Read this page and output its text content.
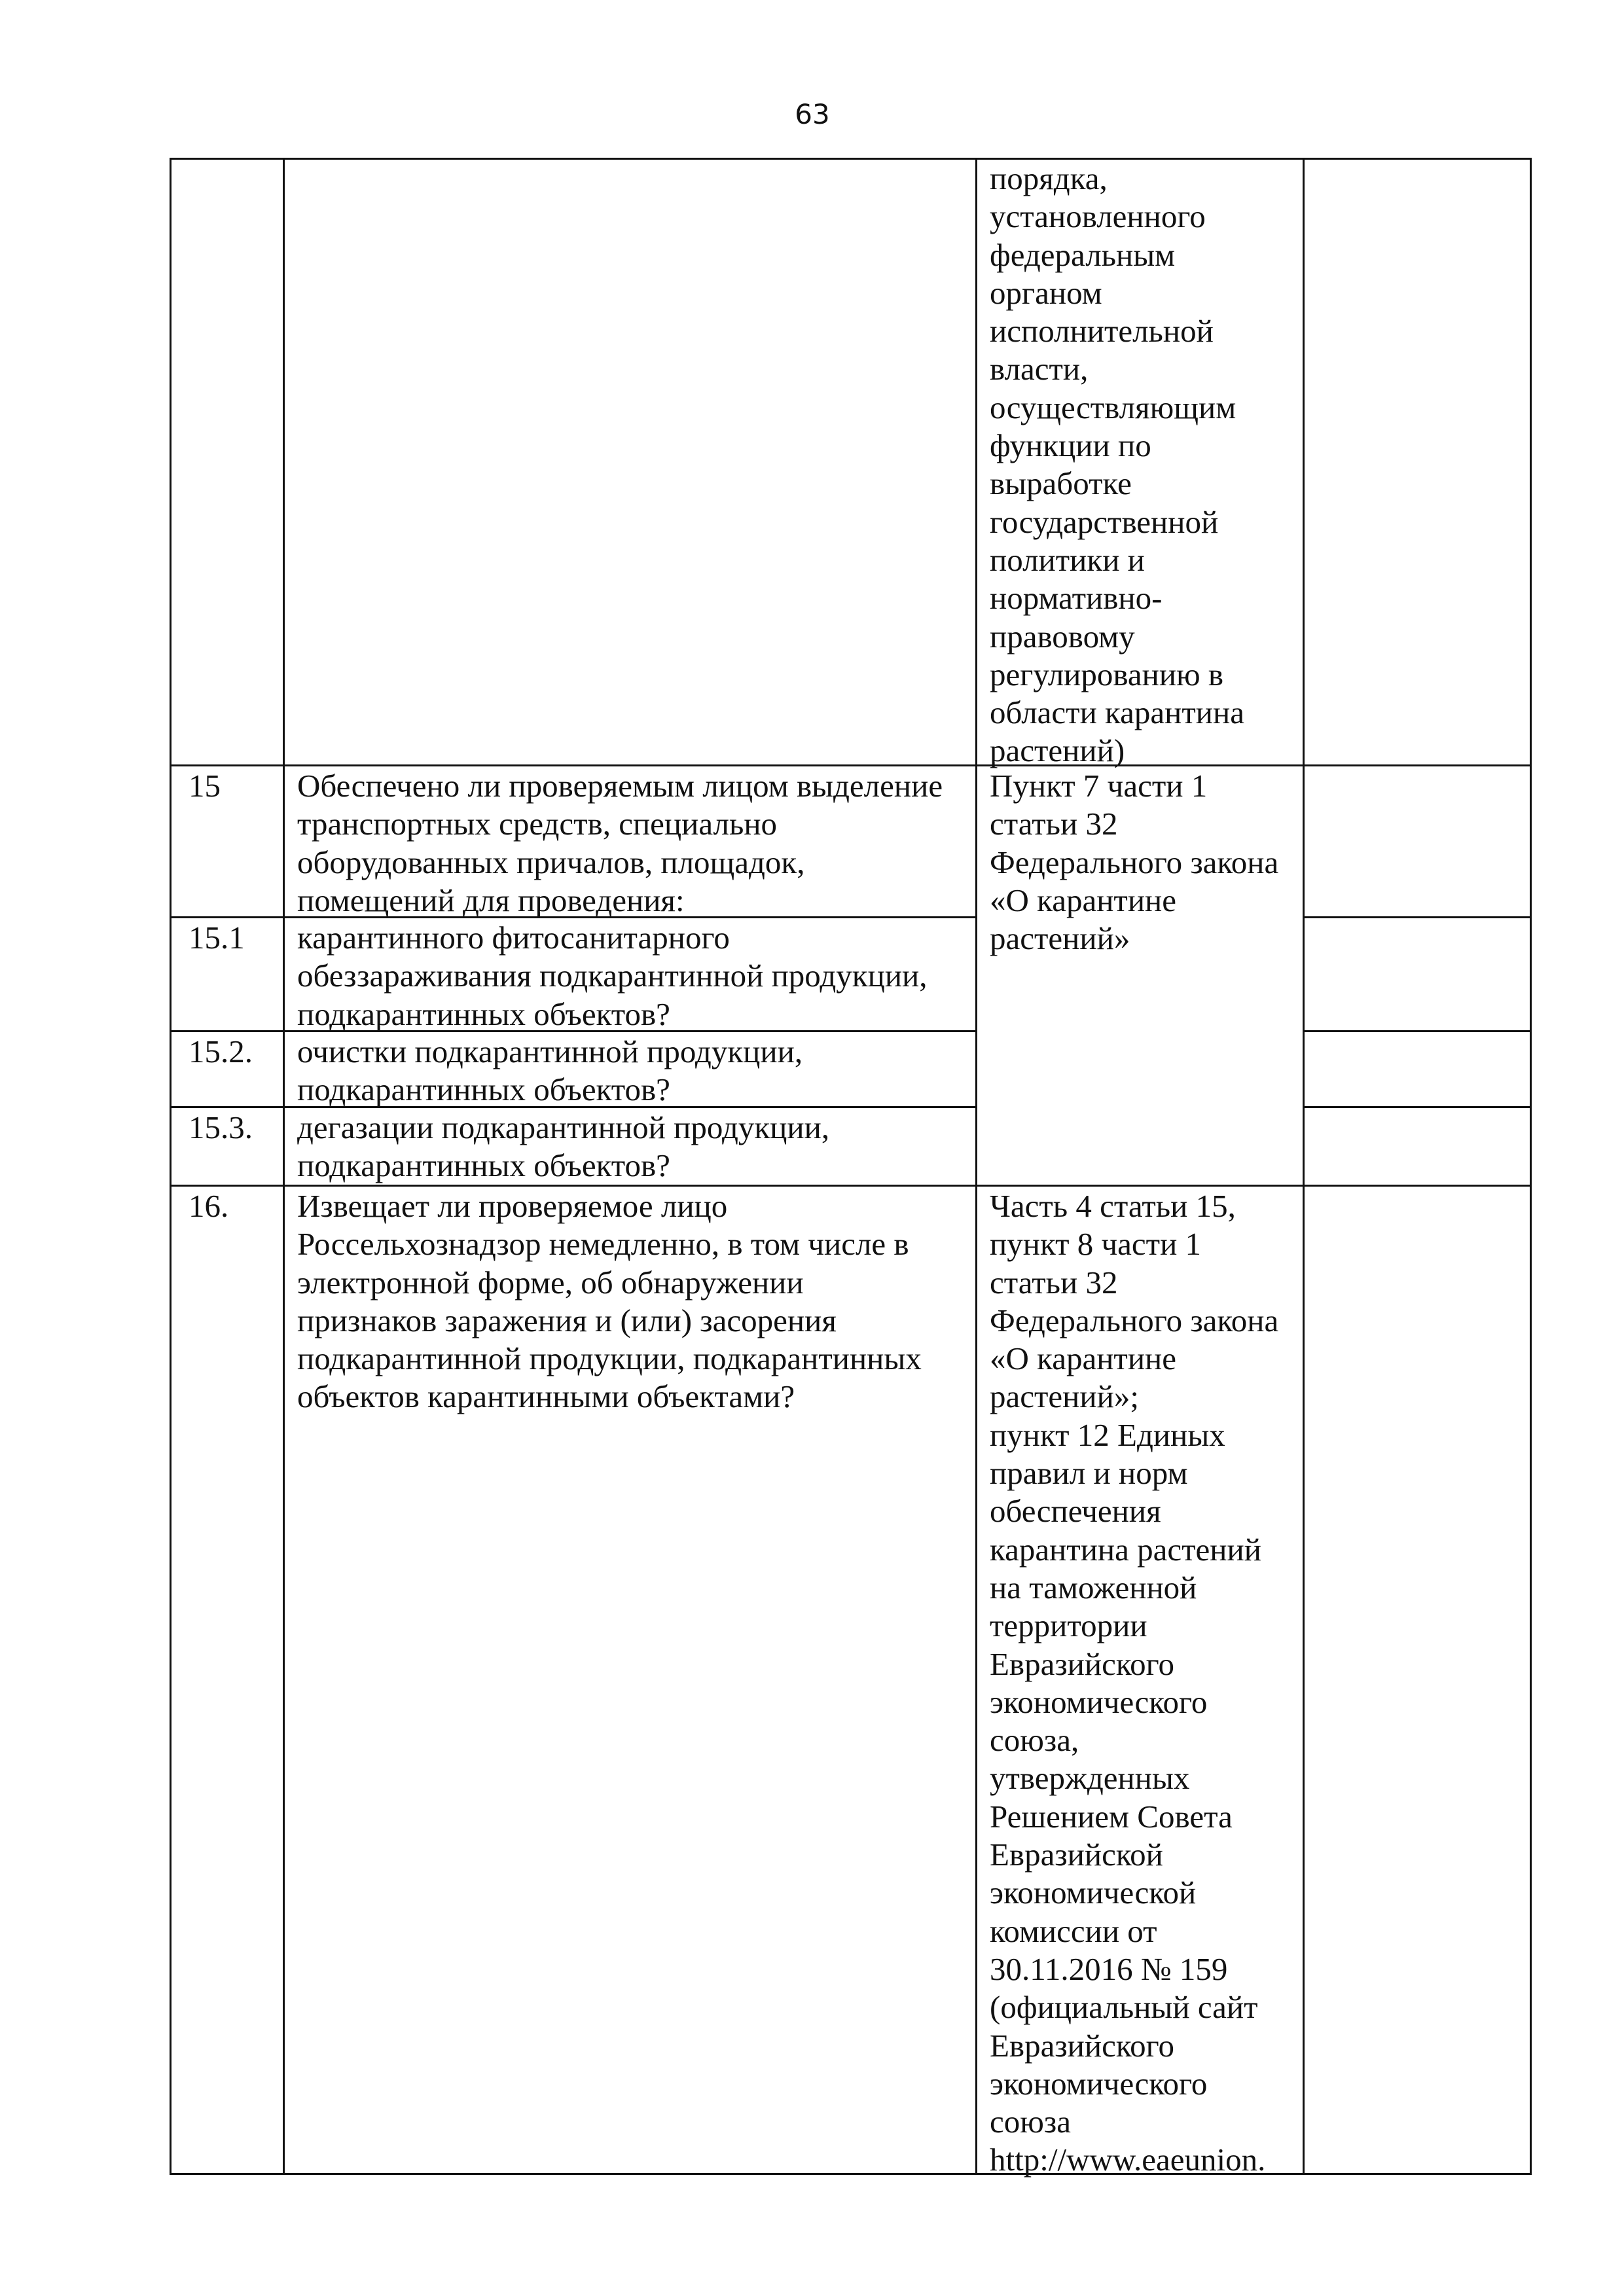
63
порядка,
установленного
федеральным
органом
исполнительной
власти,
осуществляющим
функции по
выработке
государственной
политики и
нормативно-
правовому
регулированию в
области карантина
растений)
15 Обеспечено ли проверяемым лицом выделение
транспортных средств, специально
оборудованных причалов, площадок,
помещений для проведения:
Пункт 7 части 1
статьи 32
Федерального закона
«О карантине
растений»
15.1 карантинного фитосанитарного
обеззараживания подкарантинной продукции,
подкарантинных объектов?
15.2. очистки подкарантинной продукции,
подкарантинных объектов?
15.3. дегазации подкарантинной продукции,
подкарантинных объектов?
16. Извещает ли проверяемое лицо
Россельхознадзор немедленно, в том числе в
электронной форме, об обнаружении
признаков заражения и (или) засорения
подкарантинной продукции, подкарантинных
объектов карантинными объектами?
Часть 4 статьи 15,
пункт 8 части 1
статьи 32
Федерального закона
«О карантине
растений»;
пункт 12 Единых
правил и норм
обеспечения
карантина растений
на таможенной
территории
Евразийского
экономического
союза,
утвержденных
Решением Совета
Евразийской
экономической
комиссии от
30.11.2016 № 159
(официальный сайт
Евразийского
экономического
союза
http://www.eaeunion.
